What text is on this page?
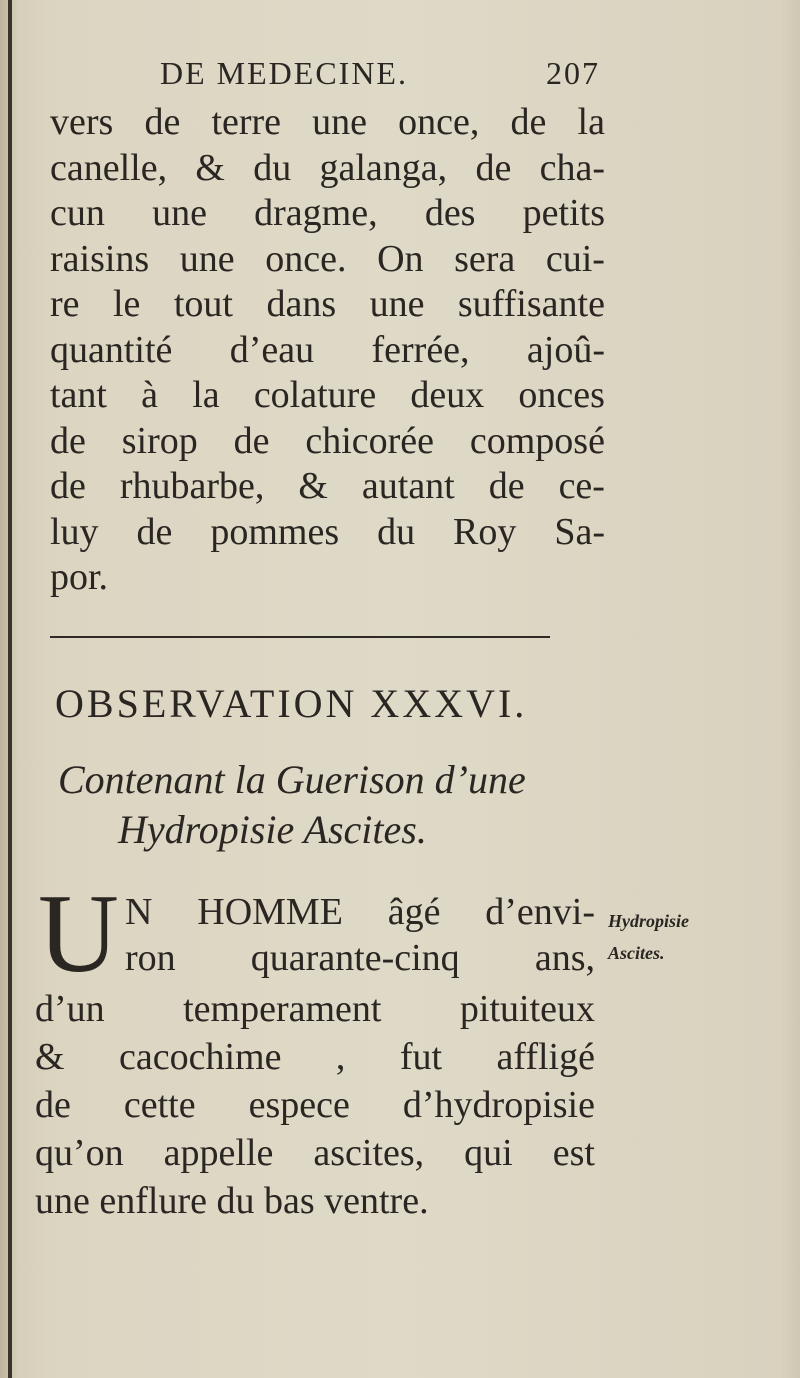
DE MEDECINE.	207
vers de terre une once, de la
canelle, & du galanga, de cha-
cun une dragme, des petits
raisins une once. On sera cui-
re le tout dans une suffisante
quantité d’eau ferrée, ajoû-
tant à la colature deux onces
de sirop de chicorée composé
de rhubarbe, & autant de ce-
luy de pommes du Roy Sa-
por.
OBSERVATION XXXVI.
Contenant la Guerison d’une
Hydropisie Ascites.
U N HOMME âgé d’envi-
ron quarante-cinq ans,
d’un temperament pituiteux
& cacochime , fut affligé
de cette espece d’hydropisie
qu’on appelle ascites, qui est
une enflure du bas ventre.
Hydropisie
Ascites.
